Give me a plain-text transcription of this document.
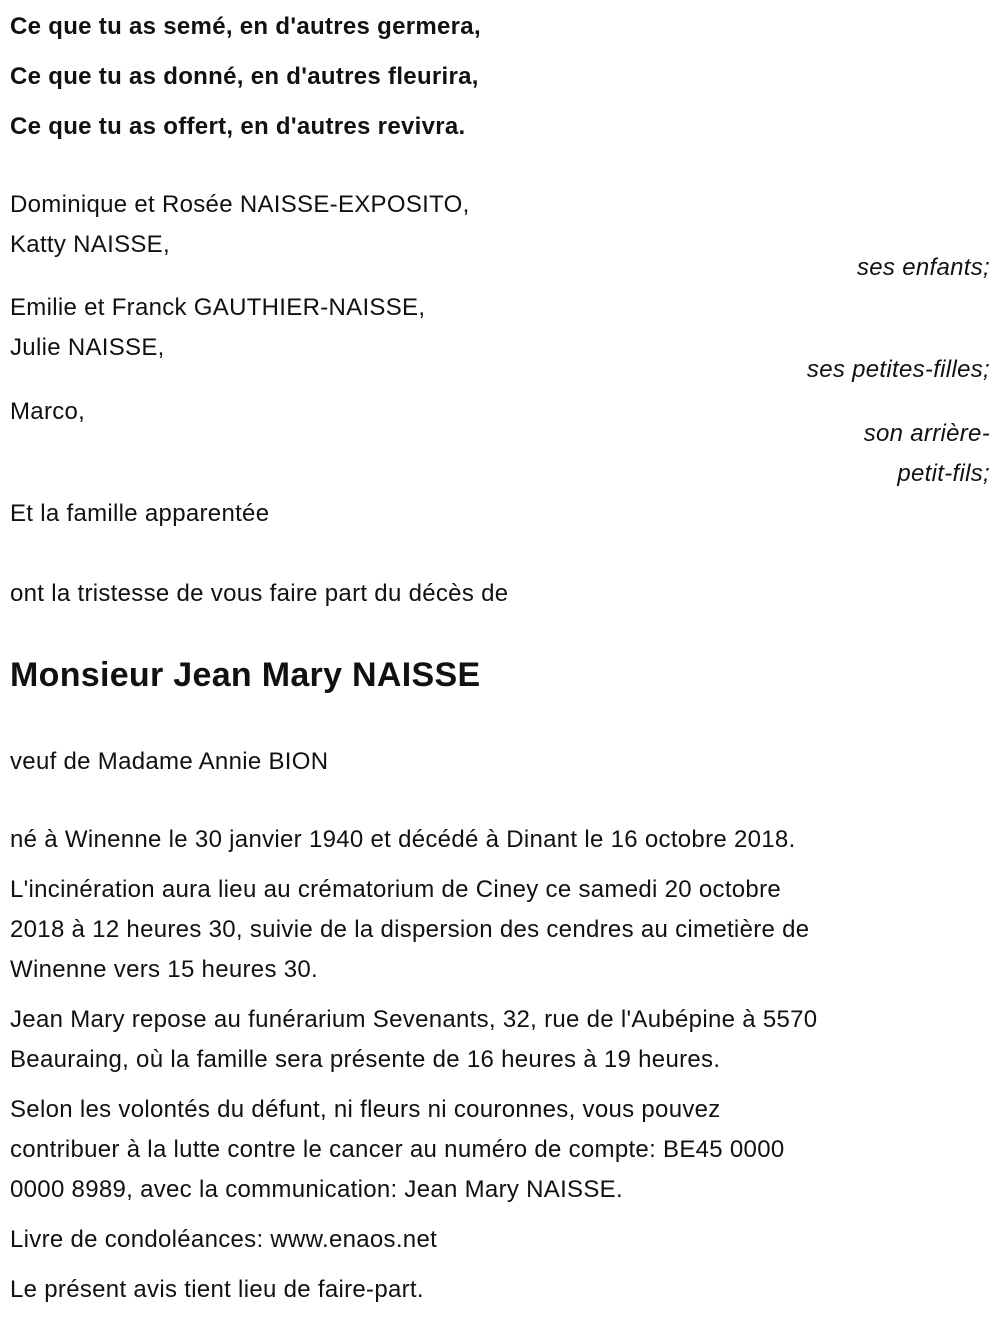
Ce que tu as semé, en d'autres germera,
Ce que tu as donné, en d'autres fleurira,
Ce que tu as offert, en d'autres revivra.
Dominique et Rosée NAISSE-EXPOSITO,
Katty NAISSE,
ses enfants;
Emilie et Franck GAUTHIER-NAISSE,
Julie NAISSE,
ses petites-filles;
Marco,
son arrière-
petit-fils;
Et la famille apparentée
ont la tristesse de vous faire part du décès de
Monsieur Jean Mary NAISSE
veuf de Madame Annie BION
né à Winenne le 30 janvier 1940 et décédé à Dinant le 16 octobre 2018.
L'incinération aura lieu au crématorium de Ciney ce samedi 20 octobre
2018 à 12 heures 30, suivie de la dispersion des cendres au cimetière de
Winenne vers 15 heures 30.
Jean Mary repose au funérarium Sevenants, 32, rue de l'Aubépine à 5570
Beauraing, où la famille sera présente de 16 heures à 19 heures.
Selon les volontés du défunt, ni fleurs ni couronnes, vous pouvez
contribuer à la lutte contre le cancer au numéro de compte: BE45 0000
0000 8989, avec la communication: Jean Mary NAISSE.
Livre de condoléances: www.enaos.net
Le présent avis tient lieu de faire-part.
